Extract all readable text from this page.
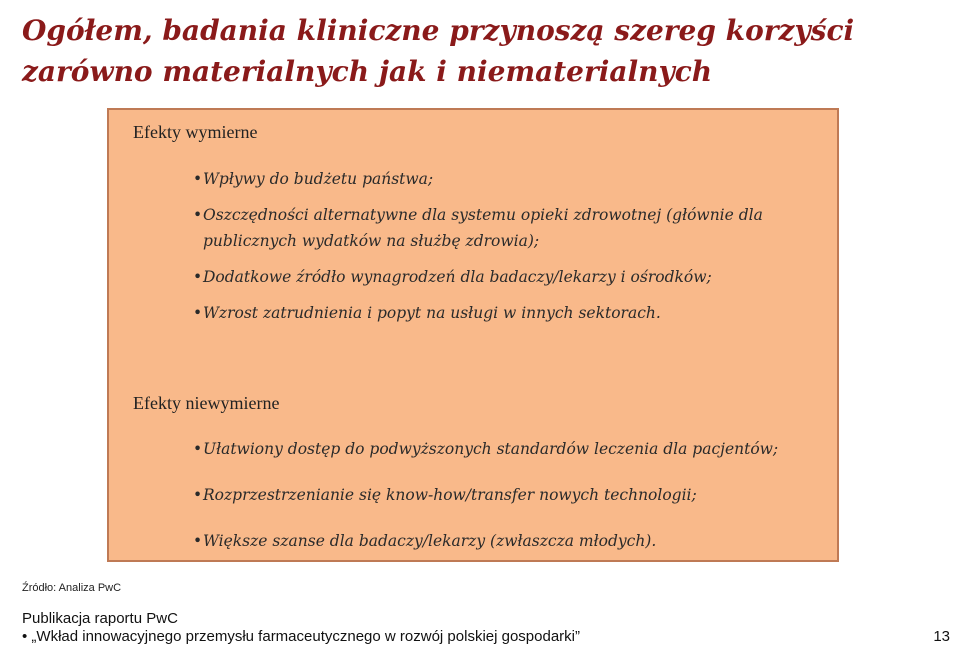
Ogółem, badania kliniczne przynoszą szereg korzyści
zarówno materialnych jak i niematerialnych

Efekty wymierne

• Wpływy do budżetu państwa;
• Oszczędności alternatywne dla systemu opieki zdrowotnej (głównie dla publicznych wydatków na służbę zdrowia);
• Dodatkowe źródło wynagrodzeń dla badaczy/lekarzy i ośrodków;
• Wzrost zatrudnienia i popyt na usługi w innych sektorach.

Efekty niewymierne

• Ułatwiony dostęp do podwyższonych standardów leczenia dla pacjentów;
• Rozprzestrzenianie się know-how/transfer nowych technologii;
• Większe szanse dla badaczy/lekarzy (zwłaszcza młodych).

Źródło: Analiza PwC

Publikacja raportu PwC

• „Wkład innowacyjnego przemysłu farmaceutycznego w rozwój polskiej gospodarki”	13
